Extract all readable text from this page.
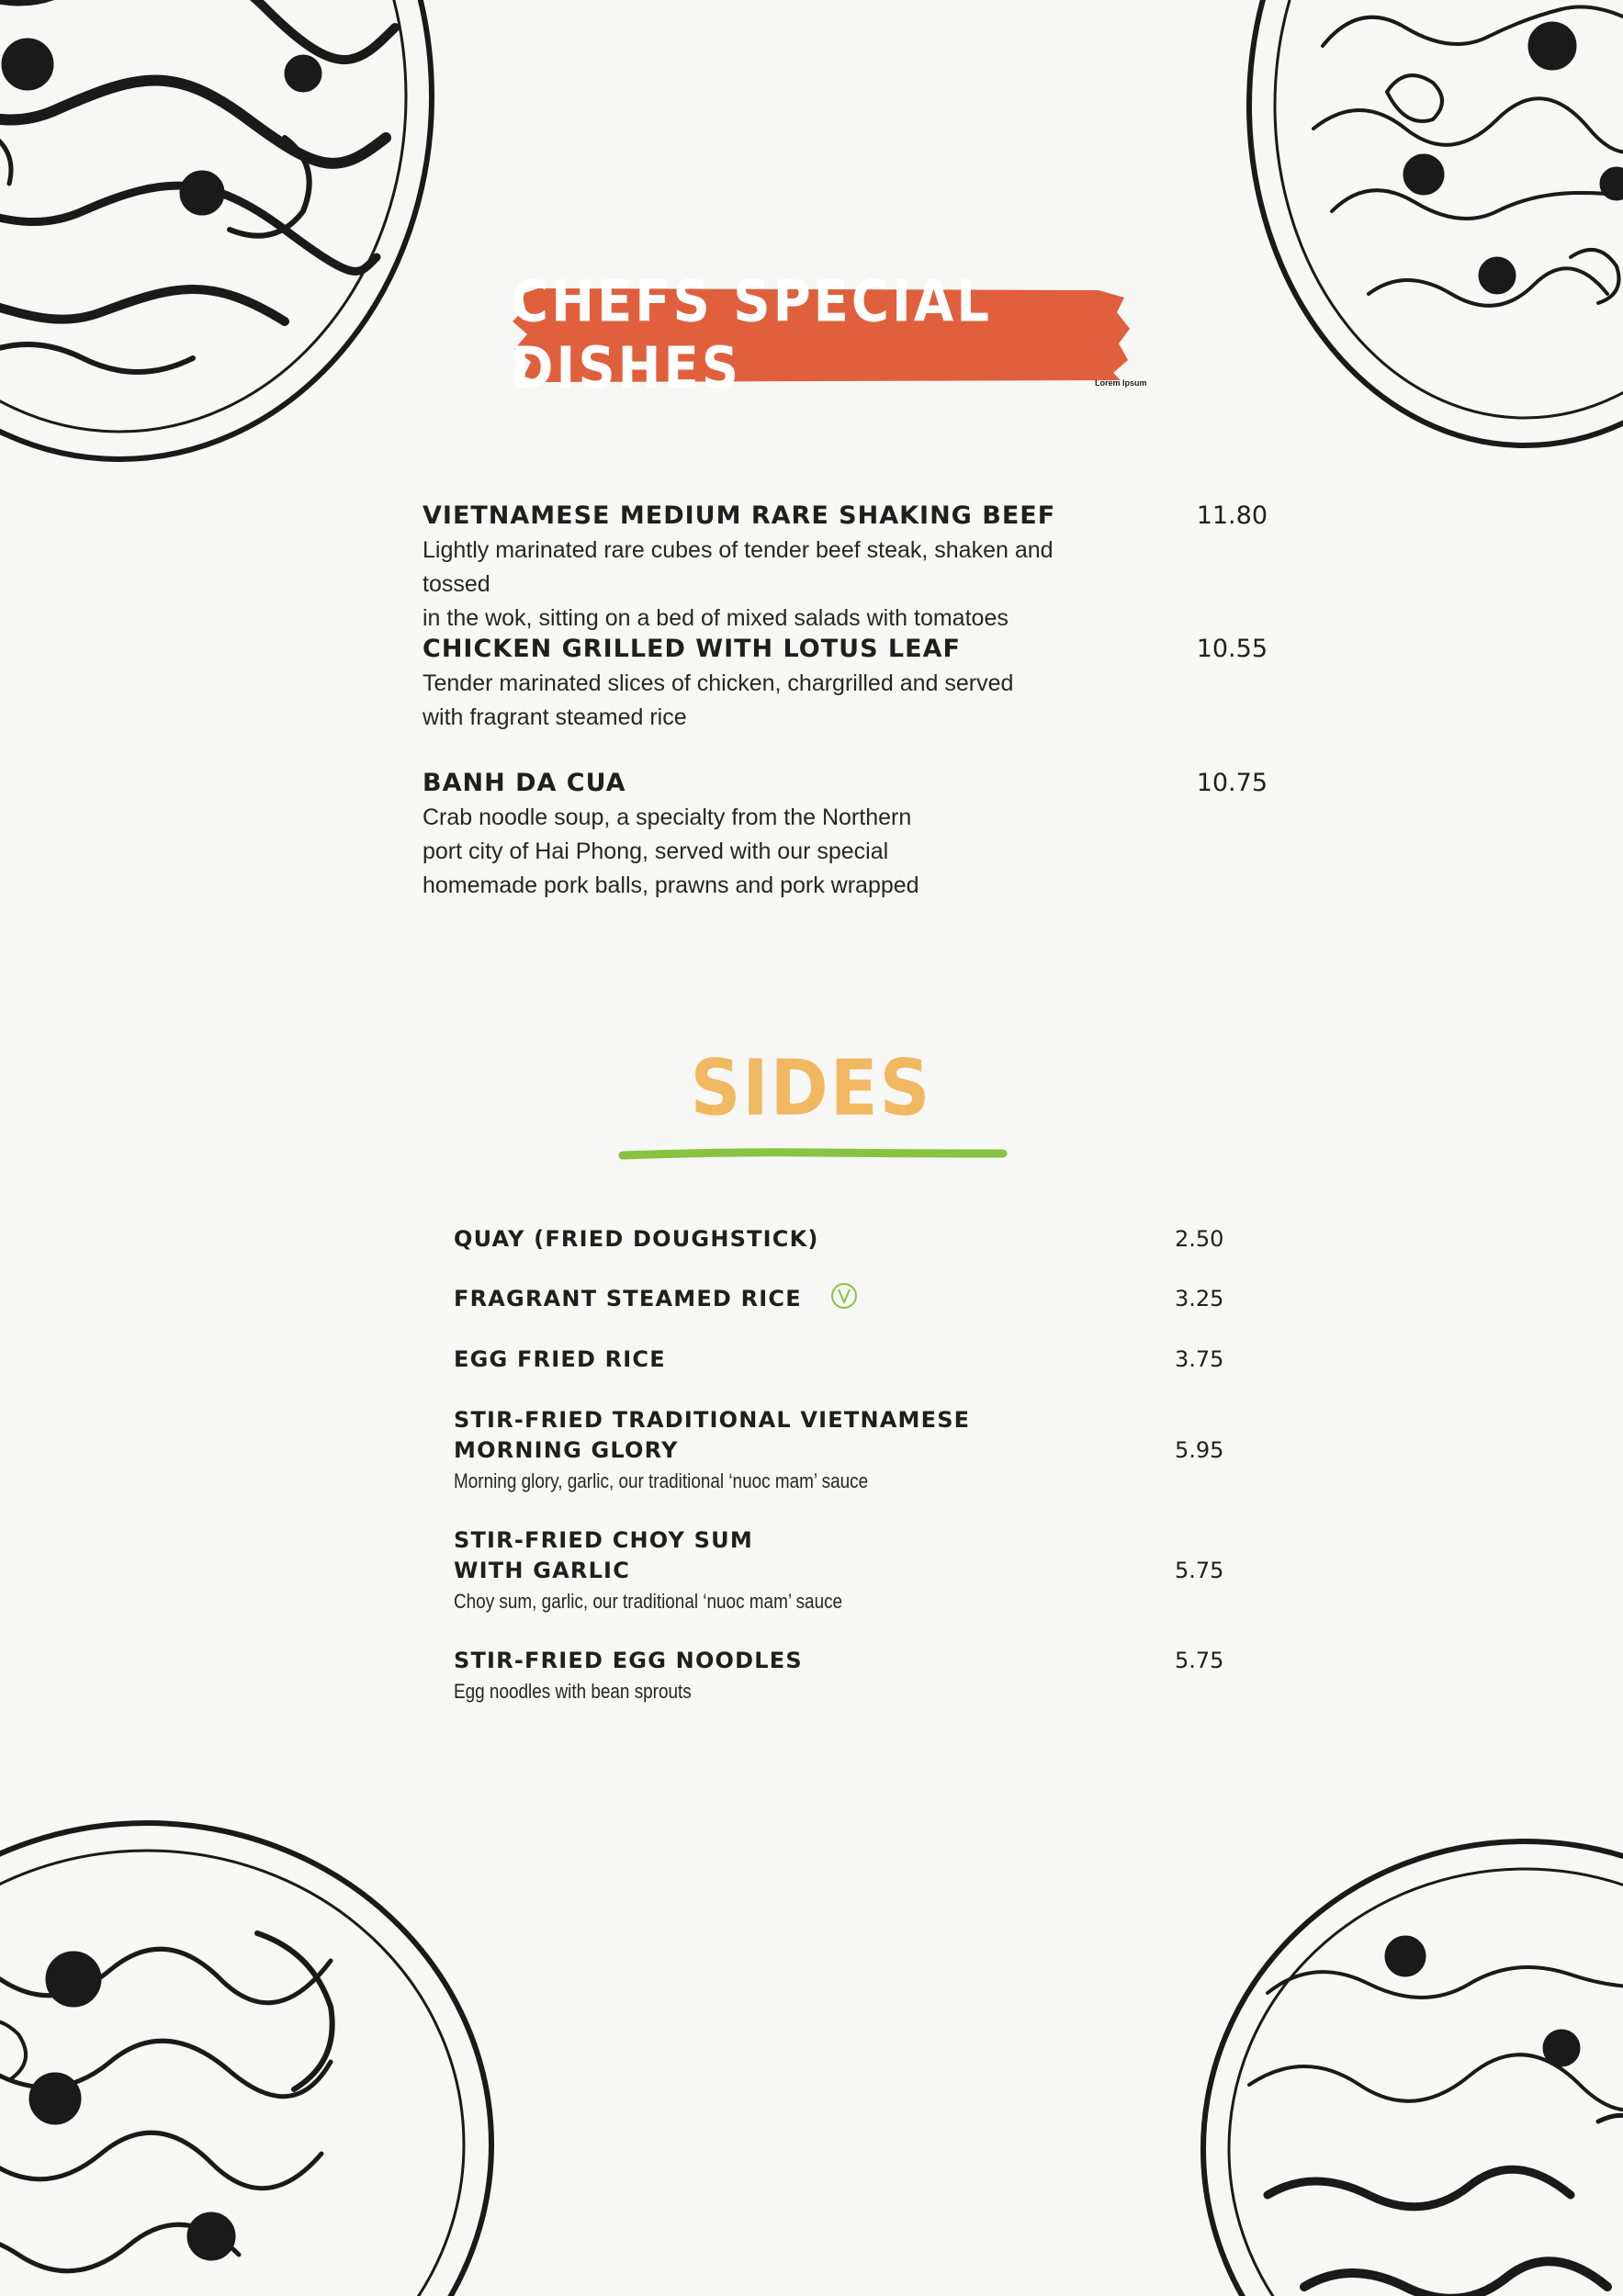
CHEFS SPECIAL DISHES	Lorem Ipsum
VIETNAMESE MEDIUM RARE SHAKING BEEF	11.80
Lightly marinated rare cubes of tender beef steak, shaken and tossed
in the wok, sitting on a bed of mixed salads with tomatoes
CHICKEN GRILLED WITH LOTUS LEAF	10.55
Tender marinated slices of chicken, chargrilled and served
with fragrant steamed rice
BANH DA CUA	10.75
Crab noodle soup, a specialty from the Northern
port city of Hai Phong, served with our special
homemade pork balls, prawns and pork wrapped
SIDES
QUAY (FRIED DOUGHSTICK)	2.50
FRAGRANT STEAMED RICE	3.25
EGG FRIED RICE	3.75
STIR-FRIED TRADITIONAL VIETNAMESE
MORNING GLORY	5.95
Morning glory, garlic, our traditional ‘nuoc mam’ sauce
STIR-FRIED CHOY SUM
WITH GARLIC	5.75
Choy sum, garlic, our traditional ‘nuoc mam’ sauce
STIR-FRIED EGG NOODLES	5.75
Egg noodles with bean sprouts
